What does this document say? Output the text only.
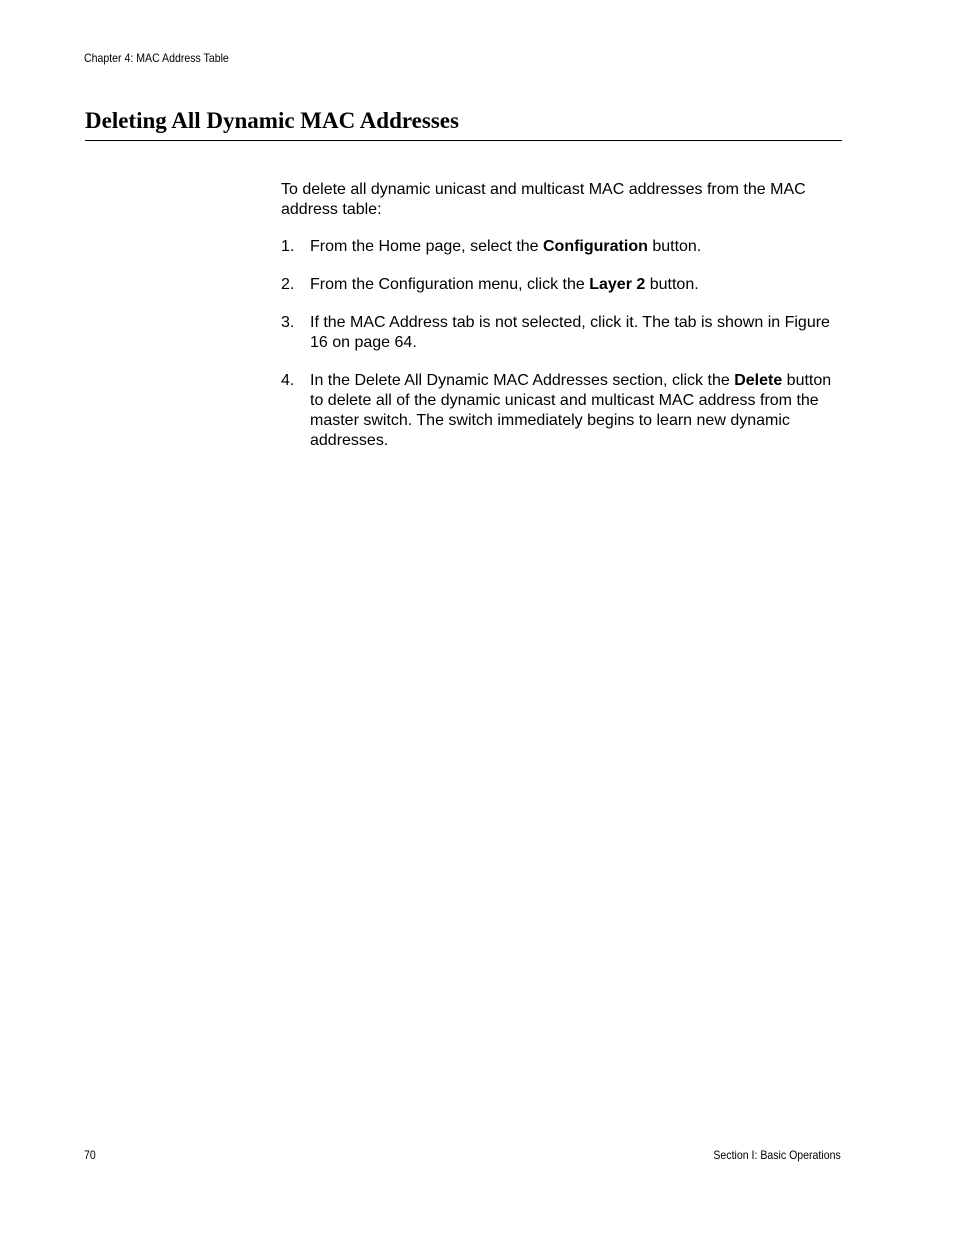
Chapter 4: MAC Address Table
Deleting All Dynamic MAC Addresses

To delete all dynamic unicast and multicast MAC addresses from the MAC address table:

1. From the Home page, select the Configuration button.
2. From the Configuration menu, click the Layer 2 button.
3. If the MAC Address tab is not selected, click it. The tab is shown in Figure 16 on page 64.
4. In the Delete All Dynamic MAC Addresses section, click the Delete button to delete all of the dynamic unicast and multicast MAC address from the master switch. The switch immediately begins to learn new dynamic addresses.
70	Section I: Basic Operations
